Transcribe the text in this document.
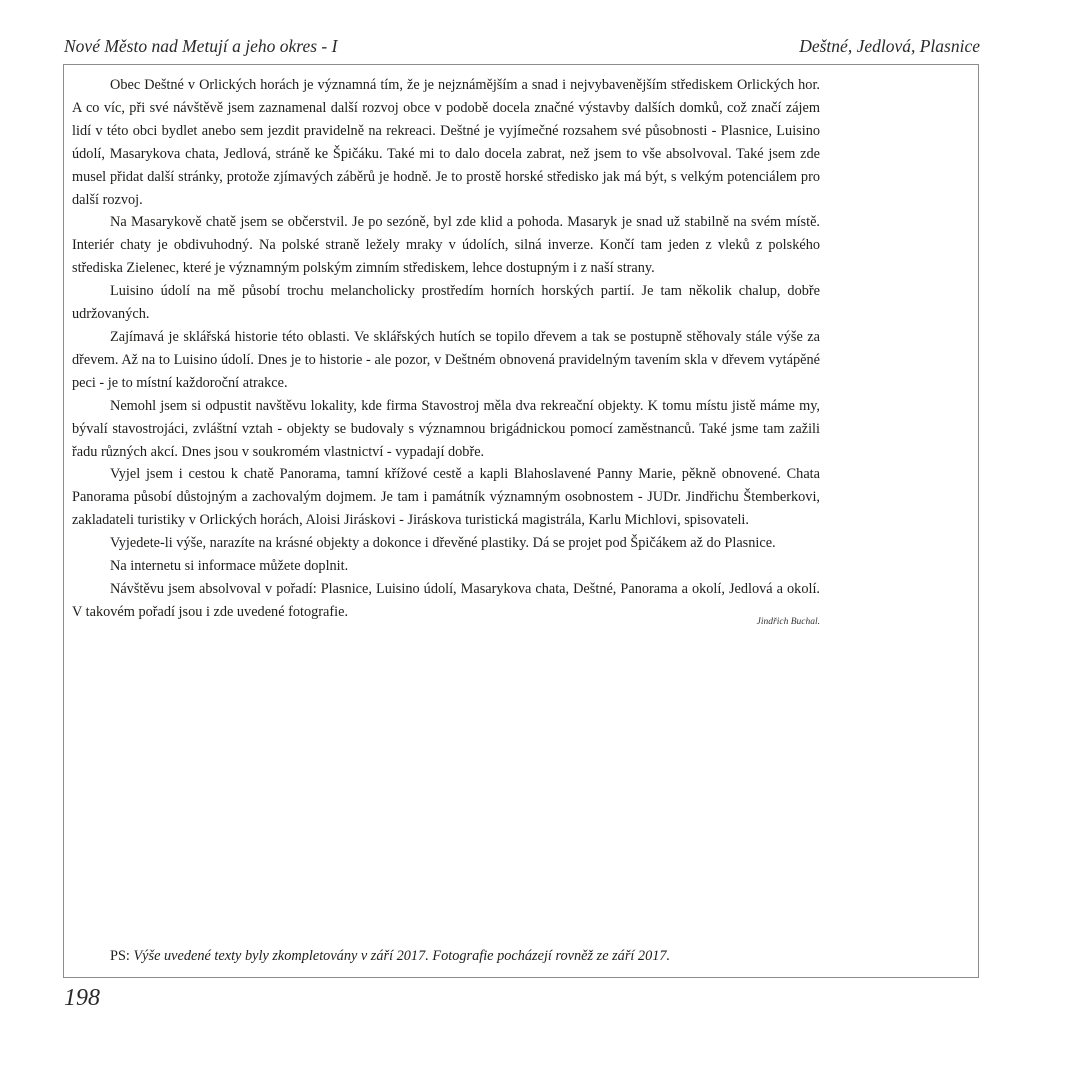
Nové Město nad Metují a jeho okres - I	Deštné, Jedlová, Plasnice

Obec Deštné v Orlických horách je významná tím, že je nejznámějším a snad i nejvybavenějším střediskem Orlických hor. A co víc, při své návštěvě jsem zaznamenal další rozvoj obce v podobě docela značné výstavby dalších domků, což značí zájem lidí v této obci bydlet anebo sem jezdit pravidelně na rekreaci. Deštné je vyjímečné rozsahem své působnosti - Plasnice, Luisino údolí, Masarykova chata, Jedlová, stráně ke Špičáku. Také mi to dalo docela zabrat, než jsem to vše absolvoval. Také jsem zde musel přidat další stránky, protože zjímavých záběrů je hodně. Je to prostě horské středisko jak má být, s velkým potenciálem pro další rozvoj.

Na Masarykově chatě jsem se občerstvil. Je po sezóně, byl zde klid a pohoda. Masaryk je snad už stabilně na svém místě. Interiér chaty je obdivuhodný. Na polské straně ležely mraky v údolích, silná inverze. Končí tam jeden z vleků z polského střediska Zielenec, které je významným polským zimním střediskem, lehce dostupným i z naší strany.

Luisino údolí na mě působí trochu melancholicky prostředím horních horských partií. Je tam několik chalup, dobře udržovaných.

Zajímavá je sklářská historie této oblasti. Ve sklářských hutích se topilo dřevem a tak se postupně stěhovaly stále výše za dřevem. Až na to Luisino údolí. Dnes je to historie - ale pozor, v Deštném obnovená pravidelným tavením skla v dřevem vytápěné peci - je to místní každoroční atrakce.

Nemohl jsem si odpustit navštěvu lokality, kde firma Stavostroj měla dva rekreační objekty. K tomu místu jistě máme my, bývalí stavostrojáci, zvláštní vztah - objekty se budovaly s významnou brigádnickou pomocí zaměstnanců. Také jsme tam zažili řadu různých akcí. Dnes jsou v soukromém vlastnictví - vypadají dobře.

Vyjel jsem i cestou k chatě Panorama, tamní křížové cestě a kapli Blahoslavené Panny Marie, pěkně obnovené. Chata Panorama působí důstojným a zachovalým dojmem. Je tam i památník významným osobnostem - JUDr. Jindřichu Štemberkovi, zakladateli turistiky v Orlických horách, Aloisi Jiráskovi - Jiráskova turistická magistrála, Karlu Michlovi, spisovateli.

Vyjedete-li výše, narazíte na krásné objekty a dokonce i dřevěné plastiky. Dá se projet pod Špičákem až do Plasnice.

Na internetu si informace můžete doplnit.

Návštěvu jsem absolvoval v pořadí: Plasnice, Luisino údolí, Masarykova chata, Deštné, Panorama a okolí, Jedlová a okolí. V takovém pořadí jsou i zde uvedené fotografie.

Jindřich Buchal.
PS: Výše uvedené texty byly zkompletovány v září 2017. Fotografie pocházejí rovněž ze září 2017.
198
